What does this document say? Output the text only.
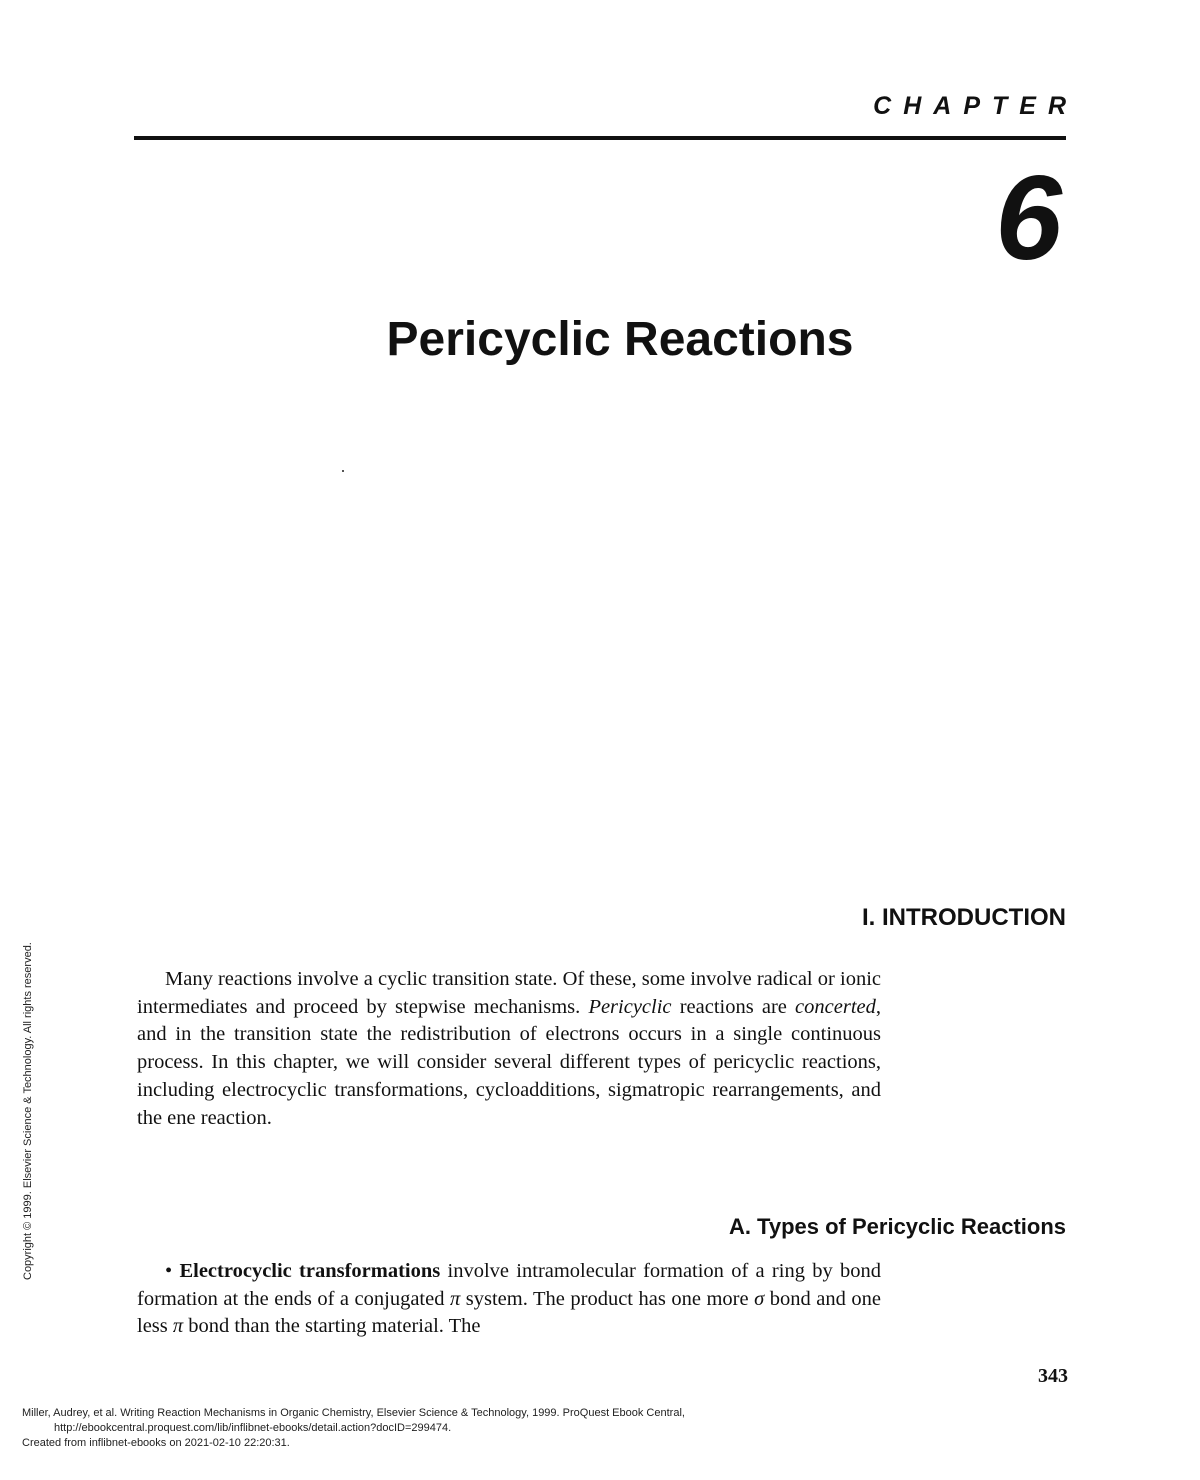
CHAPTER
6
Pericyclic Reactions
I. INTRODUCTION

Many reactions involve a cyclic transition state. Of these, some involve radical or ionic intermediates and proceed by stepwise mechanisms. Pericyclic reactions are concerted, and in the transition state the redistribution of electrons occurs in a single continuous process. In this chapter, we will consider several different types of pericyclic reactions, including electrocyclic transformations, cycloadditions, sigmatropic rearrangements, and the ene reaction.

A. Types of Pericyclic Reactions

• Electrocyclic transformations involve intramolecular formation of a ring by bond formation at the ends of a conjugated π system. The product has one more σ bond and one less π bond than the starting material. The

343
Copyright © 1999. Elsevier Science & Technology. All rights reserved.
Miller, Audrey, et al. Writing Reaction Mechanisms in Organic Chemistry, Elsevier Science & Technology, 1999. ProQuest Ebook Central,
http://ebookcentral.proquest.com/lib/inflibnet-ebooks/detail.action?docID=299474.
Created from inflibnet-ebooks on 2021-02-10 22:20:31.
